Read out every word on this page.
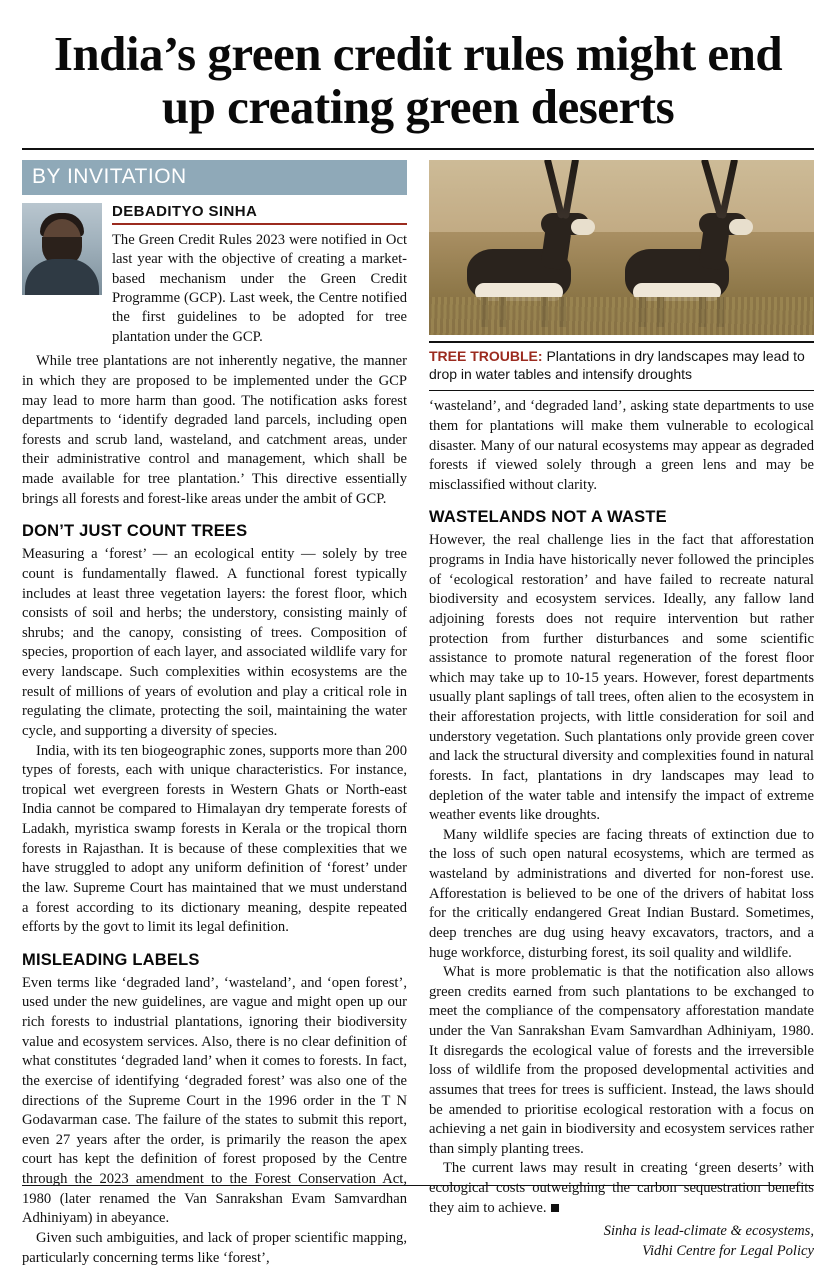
India’s green credit rules might end up creating green deserts
BY INVITATION
DEBADITYO SINHA
The Green Credit Rules 2023 were notified in Oct last year with the objective of creating a market-based mechanism under the Green Credit Programme (GCP). Last week, the Centre notified the first guidelines to be adopted for tree plantation under the GCP.

While tree plantations are not inherently negative, the manner in which they are proposed to be implemented under the GCP may lead to more harm than good. The notification asks forest departments to ‘identify degraded land parcels, including open forests and scrub land, wasteland, and catchment areas, under their administrative control and management, which shall be made available for tree plantation.’ This directive essentially brings all forests and forest-like areas under the ambit of GCP.

DON’T JUST COUNT TREES

Measuring a ‘forest’ — an ecological entity — solely by tree count is fundamentally flawed. A functional forest typically includes at least three vegetation layers: the forest floor, which consists of soil and herbs; the understory, consisting mainly of shrubs; and the canopy, consisting of trees. Composition of species, proportion of each layer, and associated wildlife vary for every landscape. Such complexities within ecosystems are the result of millions of years of evolution and play a critical role in regulating the climate, protecting the soil, maintaining the water cycle, and supporting a diversity of species.

India, with its ten biogeographic zones, supports more than 200 types of forests, each with unique characteristics. For instance, tropical wet evergreen forests in Western Ghats or North-east India cannot be compared to Himalayan dry temperate forests of Ladakh, myristica swamp forests in Kerala or the tropical thorn forests in Rajasthan. It is because of these complexities that we have struggled to adopt any uniform definition of ‘forest’ under the law. Supreme Court has maintained that we must understand a forest according to its dictionary meaning, despite repeated efforts by the govt to limit its legal definition.

MISLEADING LABELS

Even terms like ‘degraded land’, ‘wasteland’, and ‘open forest’, used under the new guidelines, are vague and might open up our rich forests to industrial plantations, ignoring their biodiversity value and ecosystem services. Also, there is no clear definition of what constitutes ‘degraded land’ when it comes to forests. In fact, the exercise of identifying ‘degraded forest’ was also one of the directions of the Supreme Court in the 1996 order in the T N Godavarman case. The failure of the states to submit this report, even 27 years after the order, is primarily the reason the apex court has kept the definition of forest proposed by the Centre through the 2023 amendment to the Forest Conservation Act, 1980 (later renamed the Van Sanrakshan Evam Samvardhan Adhiniyam) in abeyance.

Given such ambiguities, and lack of proper scientific mapping, particularly concerning terms like ‘forest’,

TREE TROUBLE: Plantations in dry landscapes may lead to drop in water tables and intensify droughts

‘wasteland’, and ‘degraded land’, asking state departments to use them for plantations will make them vulnerable to ecological disaster. Many of our natural ecosystems may appear as degraded forests if viewed solely through a green lens and may be misclassified without clarity.

WASTELANDS NOT A WASTE

However, the real challenge lies in the fact that afforestation programs in India have historically never followed the principles of ‘ecological restoration’ and have failed to recreate natural biodiversity and ecosystem services. Ideally, any fallow land adjoining forests does not require intervention but rather protection from further disturbances and some scientific assistance to promote natural regeneration of the forest floor which may take up to 10-15 years. However, forest departments usually plant saplings of tall trees, often alien to the ecosystem in their afforestation projects, with little consideration for soil and understory vegetation. Such plantations only provide green cover and lack the structural diversity and complexities found in natural forests. In fact, plantations in dry landscapes may lead to depletion of the water table and intensify the impact of extreme weather events like droughts.

Many wildlife species are facing threats of extinction due to the loss of such open natural ecosystems, which are termed as wasteland by administrations and diverted for non-forest use. Afforestation is believed to be one of the drivers of habitat loss for the critically endangered Great Indian Bustard. Sometimes, deep trenches are dug using heavy excavators, tractors, and a huge workforce, disturbing forest, its soil quality and wildlife.

What is more problematic is that the notification also allows green credits earned from such plantations to be exchanged to meet the compliance of the compensatory afforestation mandate under the Van Sanrakshan Evam Samvardhan Adhiniyam, 1980. It disregards the ecological value of forests and the irreversible loss of wildlife from the proposed developmental activities and assumes that trees for trees is sufficient. Instead, the laws should be amended to prioritise ecological restoration with a focus on achieving a net gain in biodiversity and ecosystem services rather than simply planting trees.

The current laws may result in creating ‘green deserts’ with ecological costs outweighing the carbon sequestration benefits they aim to achieve.

Sinha is lead-climate & ecosystems,
Vidhi Centre for Legal Policy
